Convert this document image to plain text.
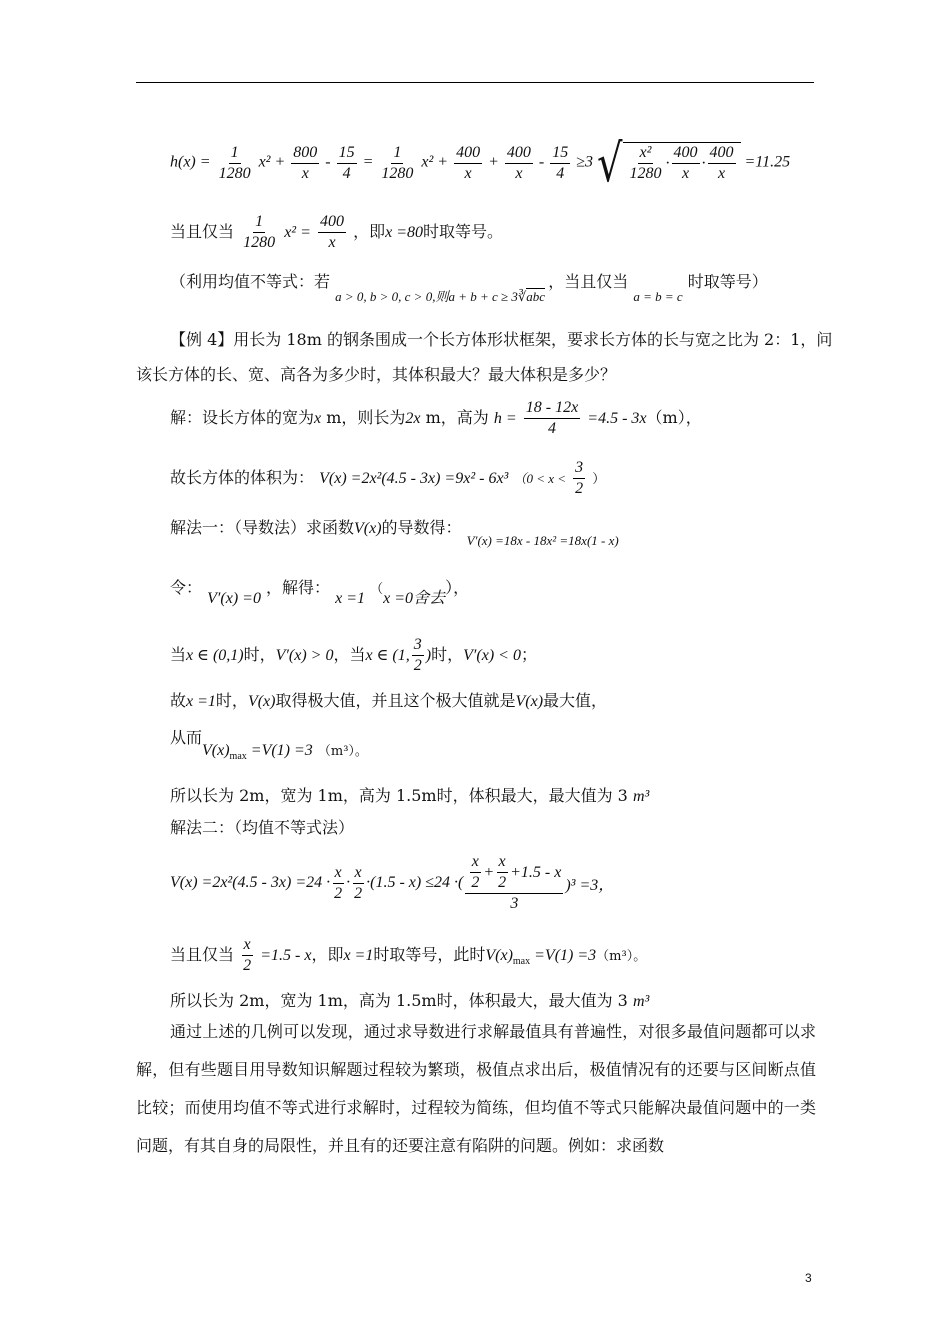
$h(x) = \frac{1}{1280} x^2 + \frac{800}{x} - \frac{15}{4} = \frac{1}{1280} x^2 + \frac{400}{x} + \frac{400}{x} - \frac{15}{4} \ge 3$ √ $\frac{\text{x²}}{1280} \cdot \frac{400}{x} \cdot \frac{400}{x} =11.25$
当且仅当 $\frac{1}{1280} x^2 = \frac{400}{x}$ ，即x =80时取等号。
（利用均值不等式：若 $_{a > 0, b > 0, c > 0,则a + b + c \ge 3∛abc}$ ，当且仅当 $_{a = b = c}$ 时取等号）
【例 4】用长为 18m 的钢条围成一个长方体形状框架，要求长方体的长与宽之比为 2：1，问
该长方体的长、宽、高各为多少时，其体积最大？最大体积是多少？
解：设长方体的宽为x m，则长为2x m，高为 $h = \frac{18 - 12x}{4} =4.5 - 3x(m)$，
故长方体的体积为： V(x) =2x²(4.5 - 3x) =9x² - 6x³ （$0 < x < \frac{3}{2}$ ）
解法一：（导数法）求函数V(x)的导数得： $_{V'(x) =18x - 18x^2 =18x(1 - x)}$
令： V′(x) =0 ，解得： x =1 （x =0舍去），
当x ∈ (0,1)时，V′(x) > 0，当x ∈ (1, $\frac{3}{2}$ )时，V′(x) < 0；
故x =1时，V(x)取得极大值，并且这个极大值就是V(x)最大值，
从而$V(x)_{max} =V(1) =3$ $_{(m^3)。}$
所以长为 2m，宽为 1m，高为 1.5m时，体积最大，最大值为 3 m³
解法二：（均值不等式法）
$V(x) =2x^2(4.5 - 3x) =24 \cdot \frac{x}{2} \cdot \frac{x}{2} \cdot(1.5 - x) \le 24$ ·( $\frac{\frac{x}{2} + \frac{x}{2} +1.5 - x}{3} )^3 =3$，
当且仅当 $\frac{x}{2} =1.5 - x$，即x =1时取等号，此时$V(x)_{max} =V(1) =3(m^3)$。
所以长为 2m，宽为 1m，高为 1.5m时，体积最大，最大值为 3 m³
通过上述的几例可以发现，通过求导数进行求解最值具有普遍性，对很多最值问题都可以求解，但有些题目用导数知识解题过程较为繁琐，极值点求出后，极值情况有的还要与区间断点值比较；而使用均值不等式进行求解时，过程较为简练，但均值不等式只能解决最值问题中的一类问题，有其自身的局限性，并且有的还要注意有陷阱的问题。例如：求函数
3
